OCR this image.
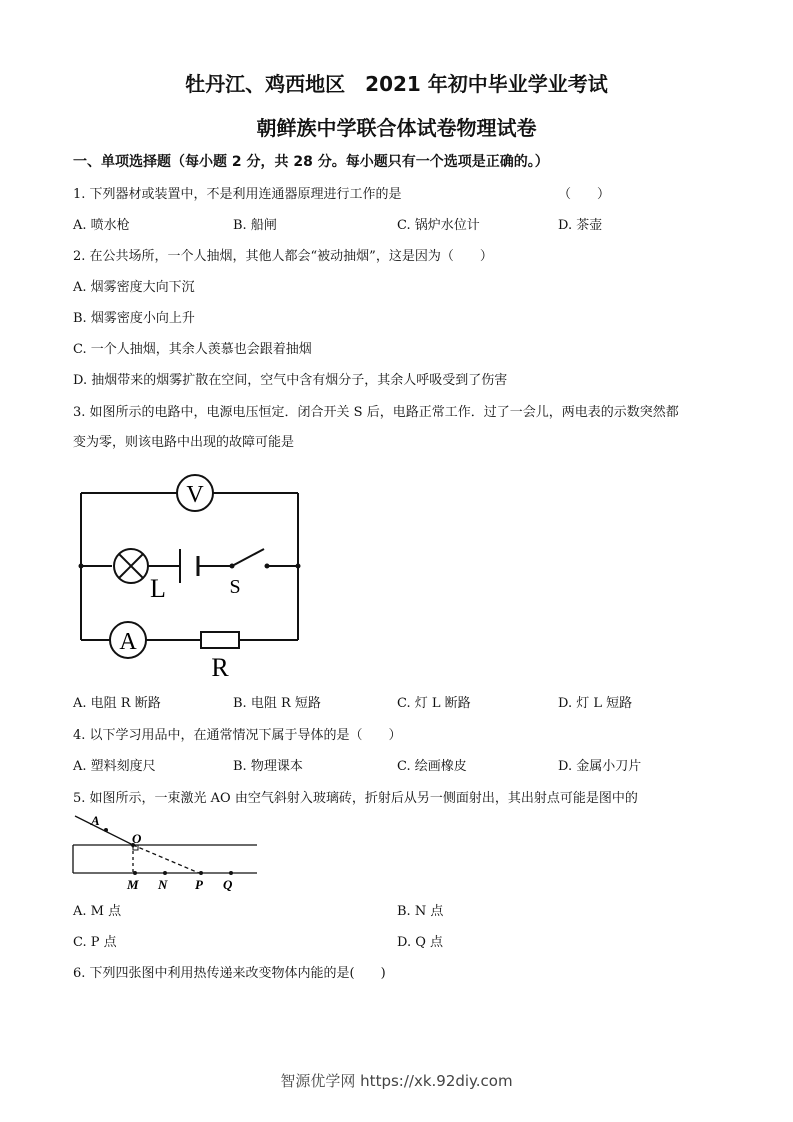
牡丹江、鸡西地区　2021 年初中毕业学业考试
朝鲜族中学联合体试卷物理试卷
一、单项选择题（每小题 2 分，共 28 分。每小题只有一个选项是正确的。）
1. 下列器材或装置中，不是利用连通器原理进行工作的是	（　　）
A. 喷水枪	B. 船闸	C. 锅炉水位计	D. 茶壶
2. 在公共场所，一个人抽烟，其他人都会“被动抽烟”，这是因为（　　）
A. 烟雾密度大向下沉
B. 烟雾密度小向上升
C. 一个人抽烟，其余人羡慕也会跟着抽烟
D. 抽烟带来的烟雾扩散在空间，空气中含有烟分子，其余人呼吸受到了伤害
3. 如图所示的电路中，电源电压恒定．闭合开关 S 后，电路正常工作．过了一会儿，两电表的示数突然都
变为零，则该电路中出现的故障可能是
V
A
L	S
R
A. 电阻 R 断路	B. 电阻 R 短路	C. 灯 L 断路	D. 灯 L 短路
4. 以下学习用品中，在通常情况下属于导体的是（　　）
A. 塑料刻度尺	B. 物理课本	C. 绘画橡皮	D. 金属小刀片
5. 如图所示，一束激光 AO 由空气斜射入玻璃砖，折射后从另一侧面射出，其出射点可能是图中的
A
O
M N P Q
A. M 点	B. N 点
C. P 点	D. Q 点
6. 下列四张图中利用热传递来改变物体内能的是(　　)
智源优学网 https://xk.92diy.com
